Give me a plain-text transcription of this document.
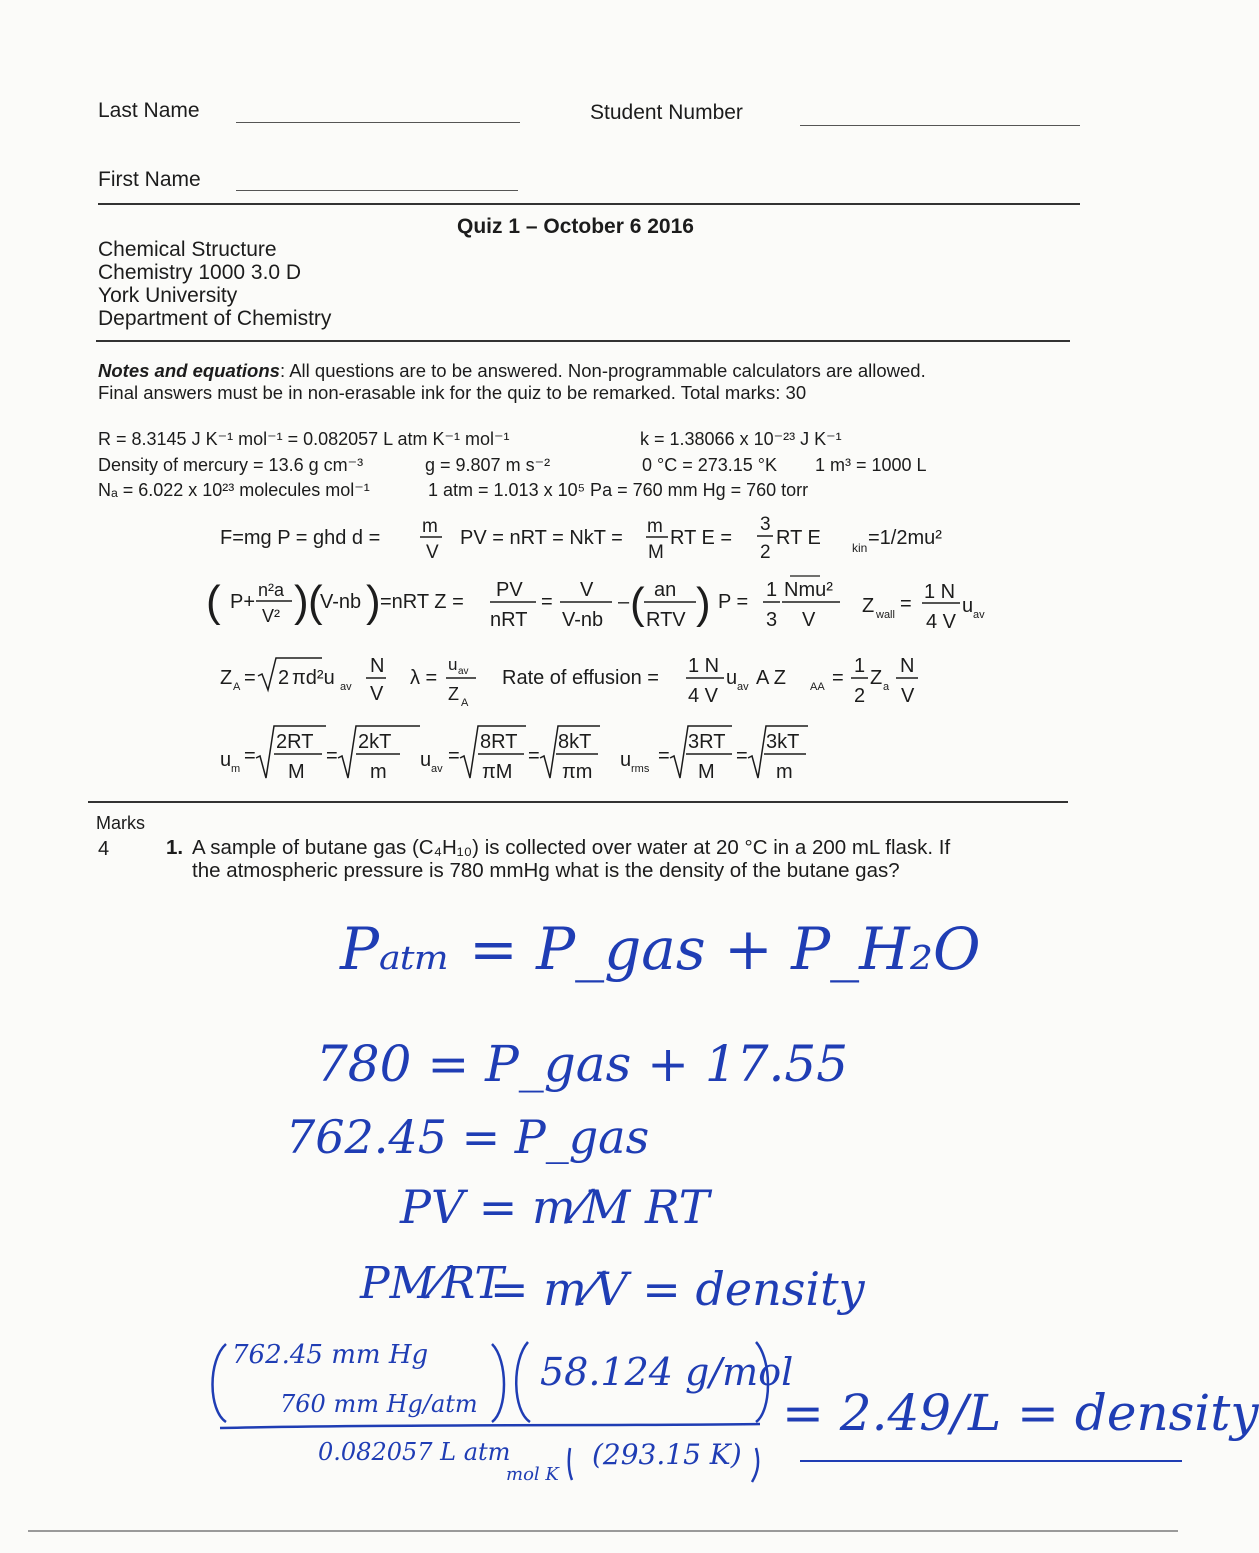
Last Name	Student Number
First Name
Quiz 1 – October 6 2016
Chemical Structure
Chemistry 1000 3.0 D
York University
Department of Chemistry
Notes and equations: All questions are to be answered. Non-programmable calculators are allowed.
Final answers must be in non-erasable ink for the quiz to be remarked. Total marks: 30
R = 8.3145 J K⁻¹ mol⁻¹ = 0.082057 L atm K⁻¹ mol⁻¹	k = 1.38066 x 10⁻²³ J K⁻¹
Density of mercury = 13.6 g cm⁻³	g = 9.807 m s⁻²	0 °C = 273.15 °K 1 m³ = 1000 L
Nₐ = 6.022 x 10²³ molecules mol⁻¹	1 atm = 1.013 x 10⁵ Pa = 760 mm Hg = 760 torr
F=mg P = ghd d =
m
V
PV = nRT = NkT =
m
M
RT E =
3
2
RT E	kin =1/2mu²
( P+
n²a
V² ) (
V-nb ) =nRT Z =
PV
nRT
=
V
V-nb
– ( an
RTV ) P =
1
3
Nmu²
V
Z wall =
1 N
4 V
u av
Z A = 2 πd²u av
N
V
λ =
u av
Z A
Rate of effusion =
1 N
4 V
u av A Z AA =
1
2
Z a
N
V
u m
=
2RT
M
=
2kT
m
u av
=
8RT
πM
=
8kT
πm
u rms
=
3RT
M
=
3kT
m
Marks
4	1. A sample of butane gas (C₄H₁₀) is collected over water at 20 °C in a 200 mL flask. If
the atmospheric pressure is 780 mmHg what is the density of the butane gas?
Pₐₜₘ = P_gas + P_H₂O
780 = P_gas + 17.55
762.45 = P_gas
PV = m⁄M RT
PM⁄RT
= m⁄V = density
762.45 mm Hg
760 mm Hg/atm
58.124 g/mol
0.082057 L atm
mol K
(293.15 K)
= 2.49/L = density
